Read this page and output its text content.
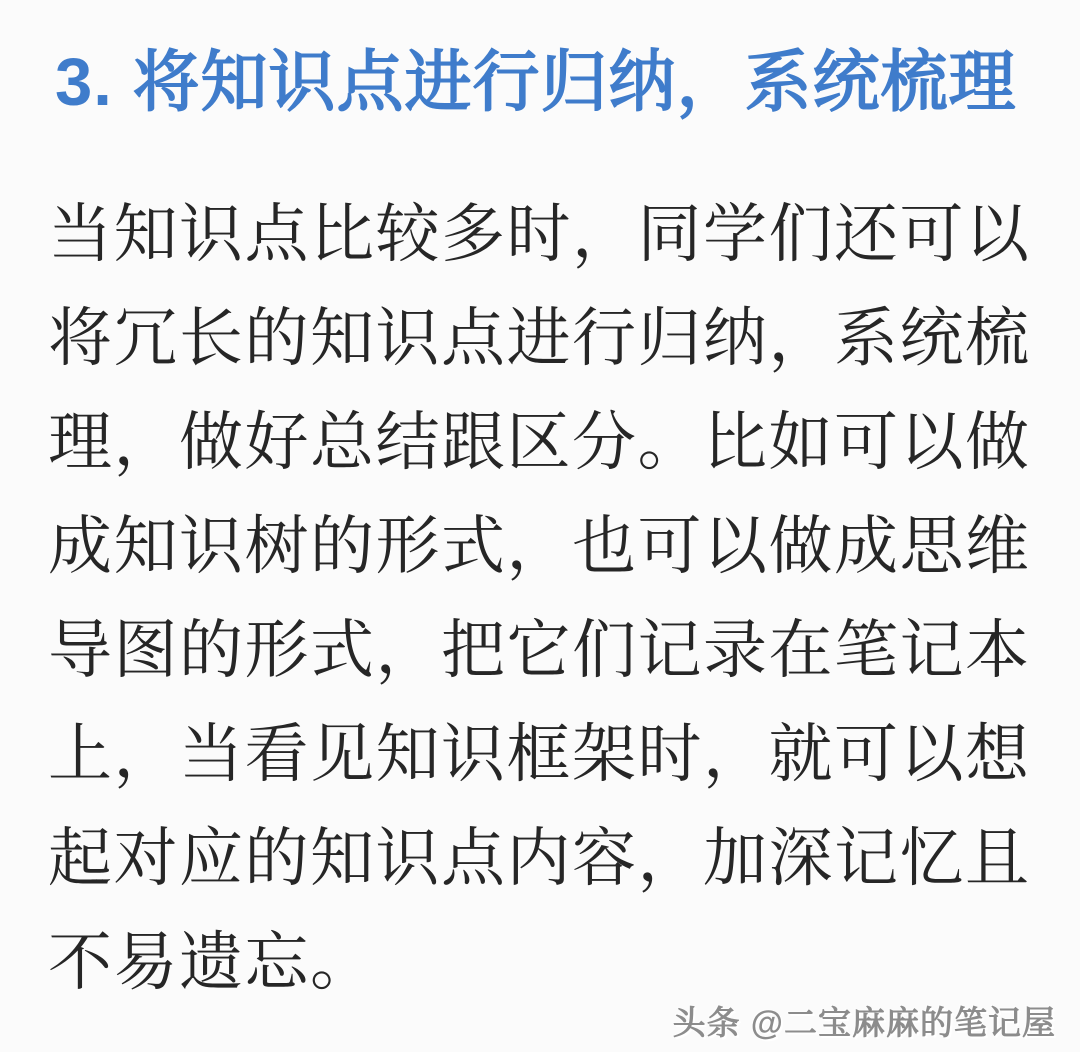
3. 将知识点进行归纳，系统梳理
当知识点比较多时，同学们还可以
将冗长的知识点进行归纳，系统梳
理，做好总结跟区分。比如可以做
成知识树的形式，也可以做成思维
导图的形式，把它们记录在笔记本
上，当看见知识框架时，就可以想
起对应的知识点内容，加深记忆且
不易遗忘。
头条 @二宝麻麻的笔记屋
